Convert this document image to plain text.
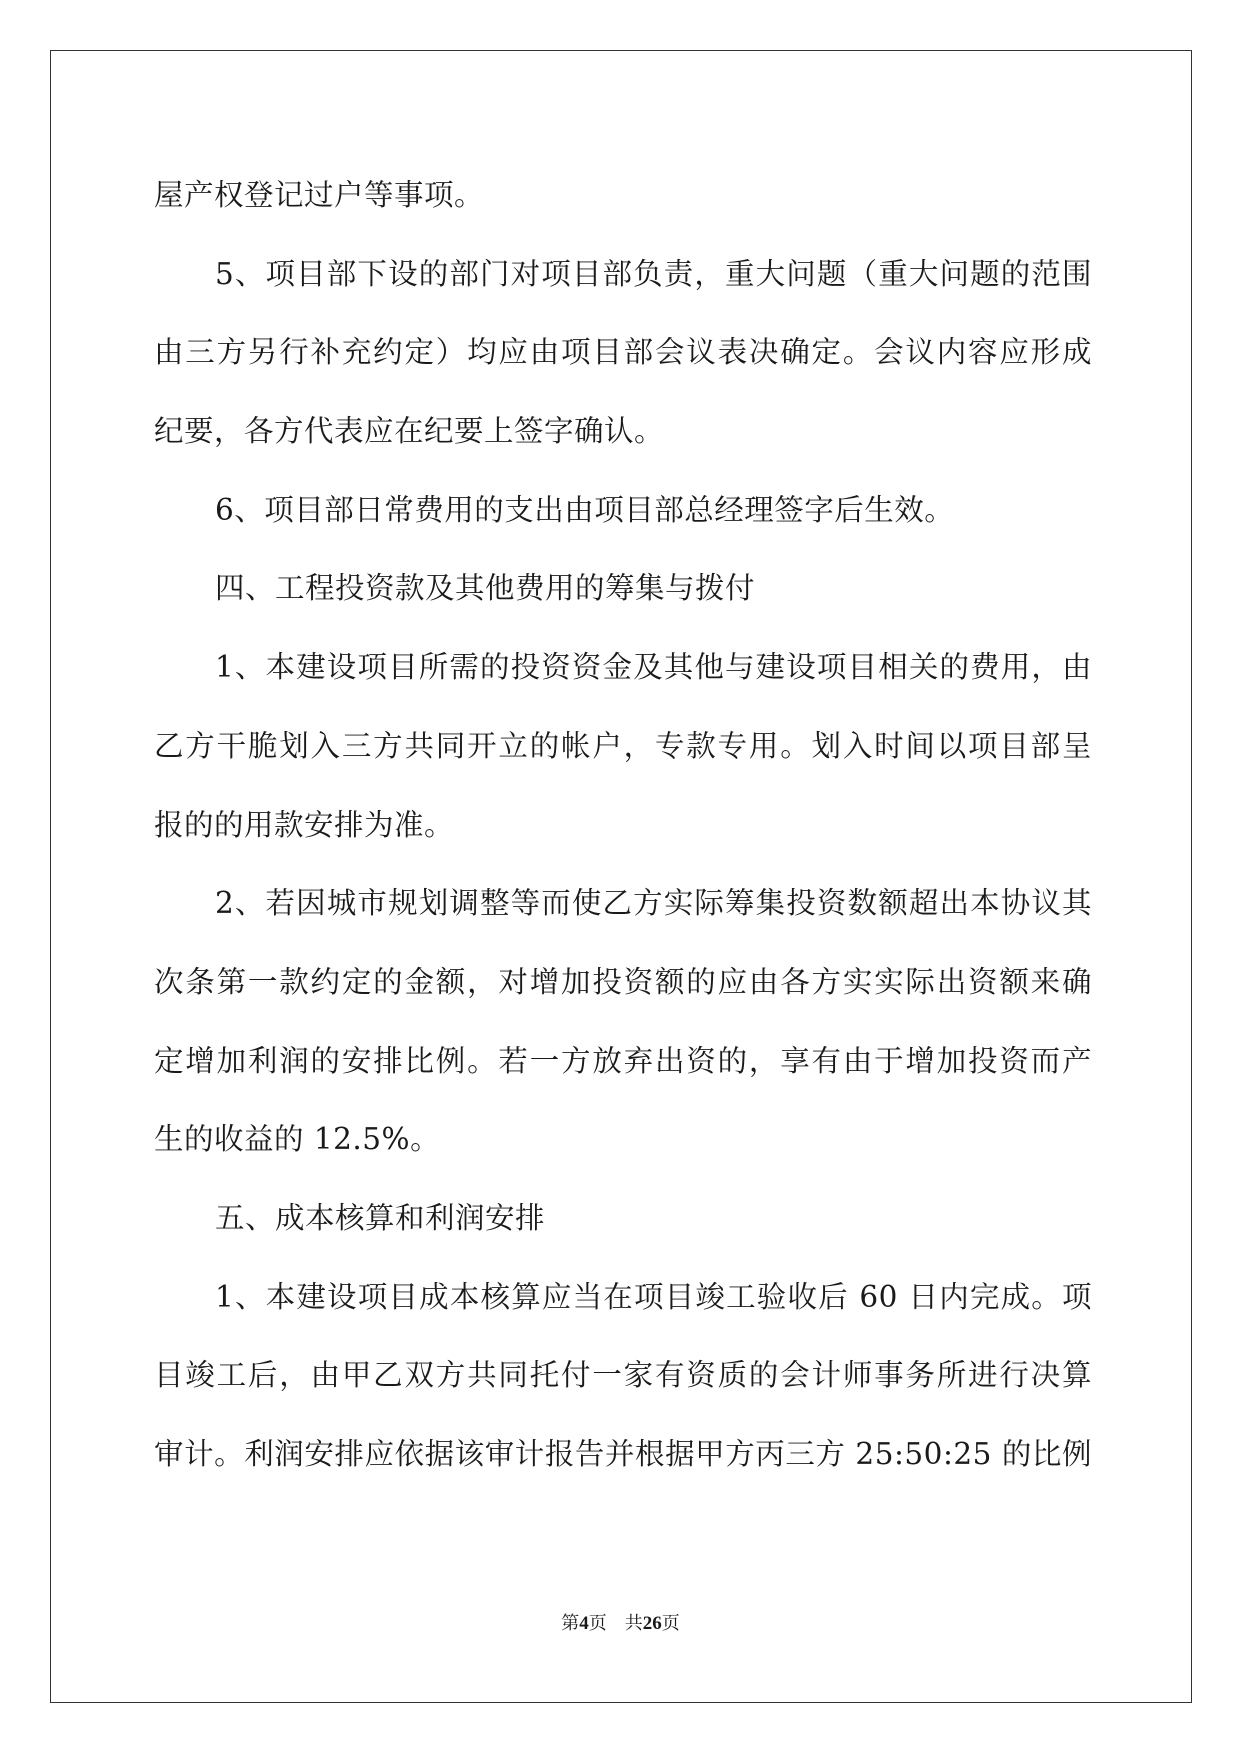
屋产权登记过户等事项。
5、项目部下设的部门对项目部负责，重大问题（重大问题的范围
由三方另行补充约定）均应由项目部会议表决确定。会议内容应形成
纪要，各方代表应在纪要上签字确认。
6、项目部日常费用的支出由项目部总经理签字后生效。
四、工程投资款及其他费用的筹集与拨付
1、本建设项目所需的投资资金及其他与建设项目相关的费用，由
乙方干脆划入三方共同开立的帐户，专款专用。划入时间以项目部呈
报的的用款安排为准。
2、若因城市规划调整等而使乙方实际筹集投资数额超出本协议其
次条第一款约定的金额，对增加投资额的应由各方实实际出资额来确
定增加利润的安排比例。若一方放弃出资的，享有由于增加投资而产
生的收益的 12.5%。
五、成本核算和利润安排
1、本建设项目成本核算应当在项目竣工验收后 60 日内完成。项
目竣工后，由甲乙双方共同托付一家有资质的会计师事务所进行决算
审计。利润安排应依据该审计报告并根据甲方丙三方 25:50:25 的比例
第4页 共26页
